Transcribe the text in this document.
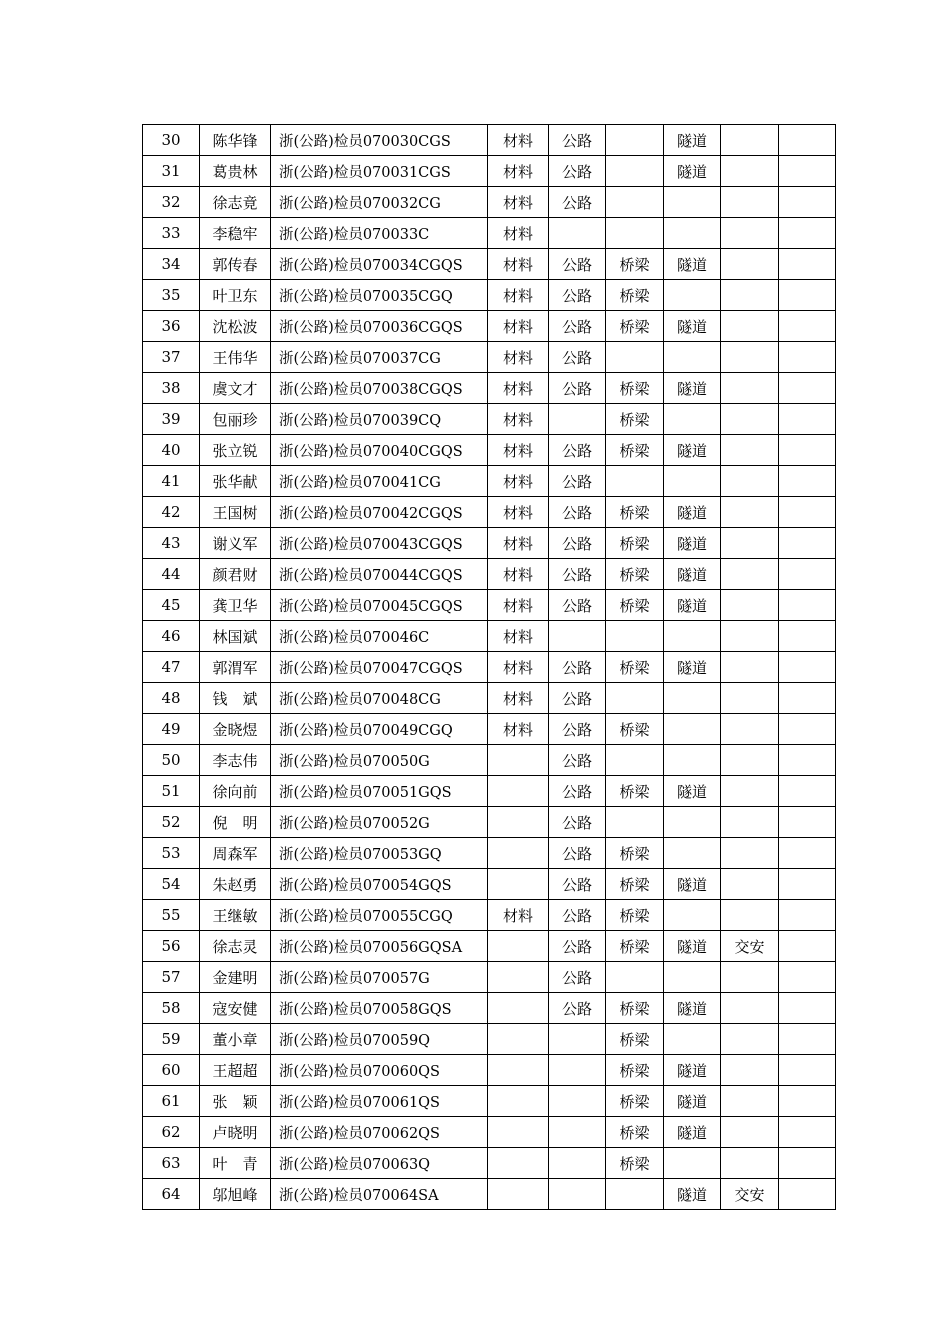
30	陈华锋	浙(公路)检员070030CGS	材料	公路		隧道		
31	葛贵林	浙(公路)检员070031CGS	材料	公路		隧道		
32	徐志竟	浙(公路)检员070032CG	材料	公路				
33	李稳牢	浙(公路)检员070033C	材料					
34	郭传春	浙(公路)检员070034CGQS	材料	公路	桥梁	隧道		
35	叶卫东	浙(公路)检员070035CGQ	材料	公路	桥梁			
36	沈松波	浙(公路)检员070036CGQS	材料	公路	桥梁	隧道		
37	王伟华	浙(公路)检员070037CG	材料	公路				
38	虞文才	浙(公路)检员070038CGQS	材料	公路	桥梁	隧道		
39	包丽珍	浙(公路)检员070039CQ	材料		桥梁			
40	张立锐	浙(公路)检员070040CGQS	材料	公路	桥梁	隧道		
41	张华献	浙(公路)检员070041CG	材料	公路				
42	王国树	浙(公路)检员070042CGQS	材料	公路	桥梁	隧道		
43	谢义军	浙(公路)检员070043CGQS	材料	公路	桥梁	隧道		
44	颜君财	浙(公路)检员070044CGQS	材料	公路	桥梁	隧道		
45	龚卫华	浙(公路)检员070045CGQS	材料	公路	桥梁	隧道		
46	林国斌	浙(公路)检员070046C	材料					
47	郭渭军	浙(公路)检员070047CGQS	材料	公路	桥梁	隧道		
48	钱　斌	浙(公路)检员070048CG	材料	公路				
49	金晓煜	浙(公路)检员070049CGQ	材料	公路	桥梁			
50	李志伟	浙(公路)检员070050G		公路				
51	徐向前	浙(公路)检员070051GQS		公路	桥梁	隧道		
52	倪　明	浙(公路)检员070052G		公路				
53	周森军	浙(公路)检员070053GQ		公路	桥梁			
54	朱赵勇	浙(公路)检员070054GQS		公路	桥梁	隧道		
55	王继敏	浙(公路)检员070055CGQ	材料	公路	桥梁			
56	徐志灵	浙(公路)检员070056GQSA		公路	桥梁	隧道	交安	
57	金建明	浙(公路)检员070057G		公路				
58	寇安健	浙(公路)检员070058GQS		公路	桥梁	隧道		
59	董小章	浙(公路)检员070059Q			桥梁			
60	王超超	浙(公路)检员070060QS			桥梁	隧道		
61	张　颖	浙(公路)检员070061QS			桥梁	隧道		
62	卢晓明	浙(公路)检员070062QS			桥梁	隧道		
63	叶　青	浙(公路)检员070063Q			桥梁			
64	邬旭峰	浙(公路)检员070064SA				隧道	交安	
